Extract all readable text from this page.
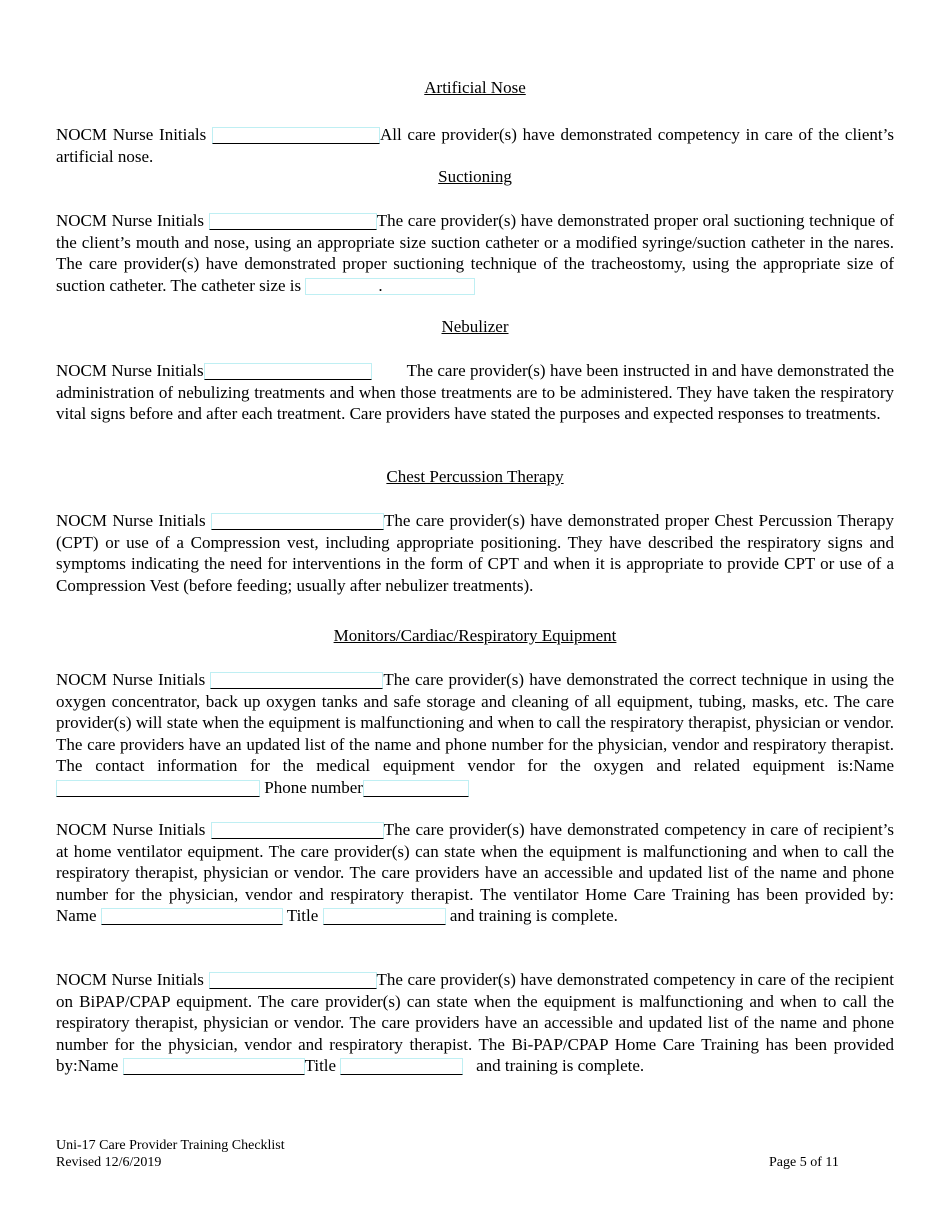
Artificial Nose
NOCM Nurse Initials	All care provider(s) have demonstrated competency in care of the client’s artificial nose.
Suctioning
NOCM Nurse Initials	The care provider(s) have demonstrated proper oral suctioning technique of the client’s mouth and nose, using an appropriate size suction catheter or a modified syringe/suction catheter in the nares. The care provider(s) have demonstrated proper suctioning technique of the tracheostomy, using the appropriate size of suction catheter. The catheter size is	.
Nebulizer
NOCM Nurse Initials	The care provider(s) have been instructed in and have demonstrated the administration of nebulizing treatments and when those treatments are to be administered. They have taken the respiratory vital signs before and after each treatment. Care providers have stated the purposes and expected responses to treatments.
Chest Percussion Therapy
NOCM Nurse Initials	The care provider(s) have demonstrated proper Chest Percussion Therapy (CPT) or use of a Compression vest, including appropriate positioning. They have described the respiratory signs and symptoms indicating the need for interventions in the form of CPT and when it is appropriate to provide CPT or use of a Compression Vest (before feeding; usually after nebulizer treatments).
Monitors/Cardiac/Respiratory Equipment
NOCM Nurse Initials	The care provider(s) have demonstrated the correct technique in using the oxygen concentrator, back up oxygen tanks and safe storage and cleaning of all equipment, tubing, masks, etc. The care provider(s) will state when the equipment is malfunctioning and when to call the respiratory therapist, physician or vendor. The care providers have an updated list of the name and phone number for the physician, vendor and respiratory therapist. The contact information for the medical equipment vendor for the oxygen and related equipment is:Name  Phone number
NOCM Nurse Initials	The care provider(s) have demonstrated competency in care of recipient’s at home ventilator equipment. The care provider(s) can state when the equipment is malfunctioning and when to call the respiratory therapist, physician or vendor. The care providers have an accessible and updated list of the name and phone number for the physician, vendor and respiratory therapist. The ventilator Home Care Training has been provided by: Name	Title	and training is complete.
NOCM Nurse Initials	The care provider(s) have demonstrated competency in care of the recipient on BiPAP/CPAP equipment. The care provider(s) can state when the equipment is malfunctioning and when to call the respiratory therapist, physician or vendor. The care providers have an accessible and updated list of the name and phone number for the physician, vendor and respiratory therapist. The Bi-PAP/CPAP Home Care Training has been provided by:Name	Title	and training is complete.
Uni-17 Care Provider Training Checklist
Revised 12/6/2019	Page 5 of 11
